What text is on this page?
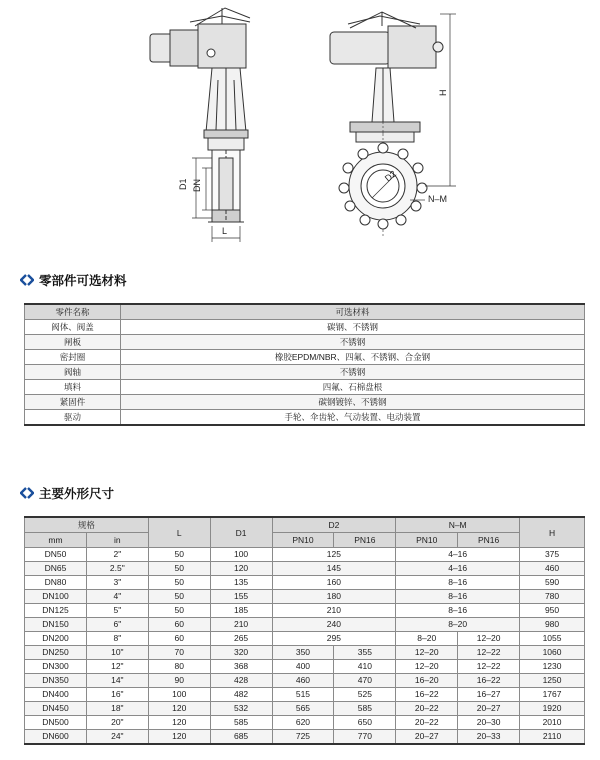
D1 DN
L
D2
H
N–M
零部件可选材料
零件名称	可选材料
阀体、阀盖	碳钢、不锈钢
闸板	不锈钢
密封圈	橡胶EPDM/NBR、四氟、不锈钢、合金钢
阀轴	不锈钢
填料	四氟、石棉盘根
紧固件	碳钢镀锌、不锈钢
驱动	手轮、伞齿轮、气动装置、电动装置
主要外形尺寸
规格		L	D1	D2		N–M		H
mm	in			PN10	PN16	PN10	PN16	
DN50	2"	50	100	125		4–16		375
DN65	2.5"	50	120	145		4–16		460
DN80	3"	50	135	160		8–16		590
DN100	4"	50	155	180		8–16		780
DN125	5"	50	185	210		8–16		950
DN150	6"	60	210	240		8–20		980
DN200	8"	60	265	295		8–20	12–20	1055
DN250	10"	70	320	350	355	12–20	12–22	1060
DN300	12"	80	368	400	410	12–20	12–22	1230
DN350	14"	90	428	460	470	16–20	16–22	1250
DN400	16"	100	482	515	525	16–22	16–27	1767
DN450	18"	120	532	565	585	20–22	20–27	1920
DN500	20"	120	585	620	650	20–22	20–30	2010
DN600	24"	120	685	725	770	20–27	20–33	2110
